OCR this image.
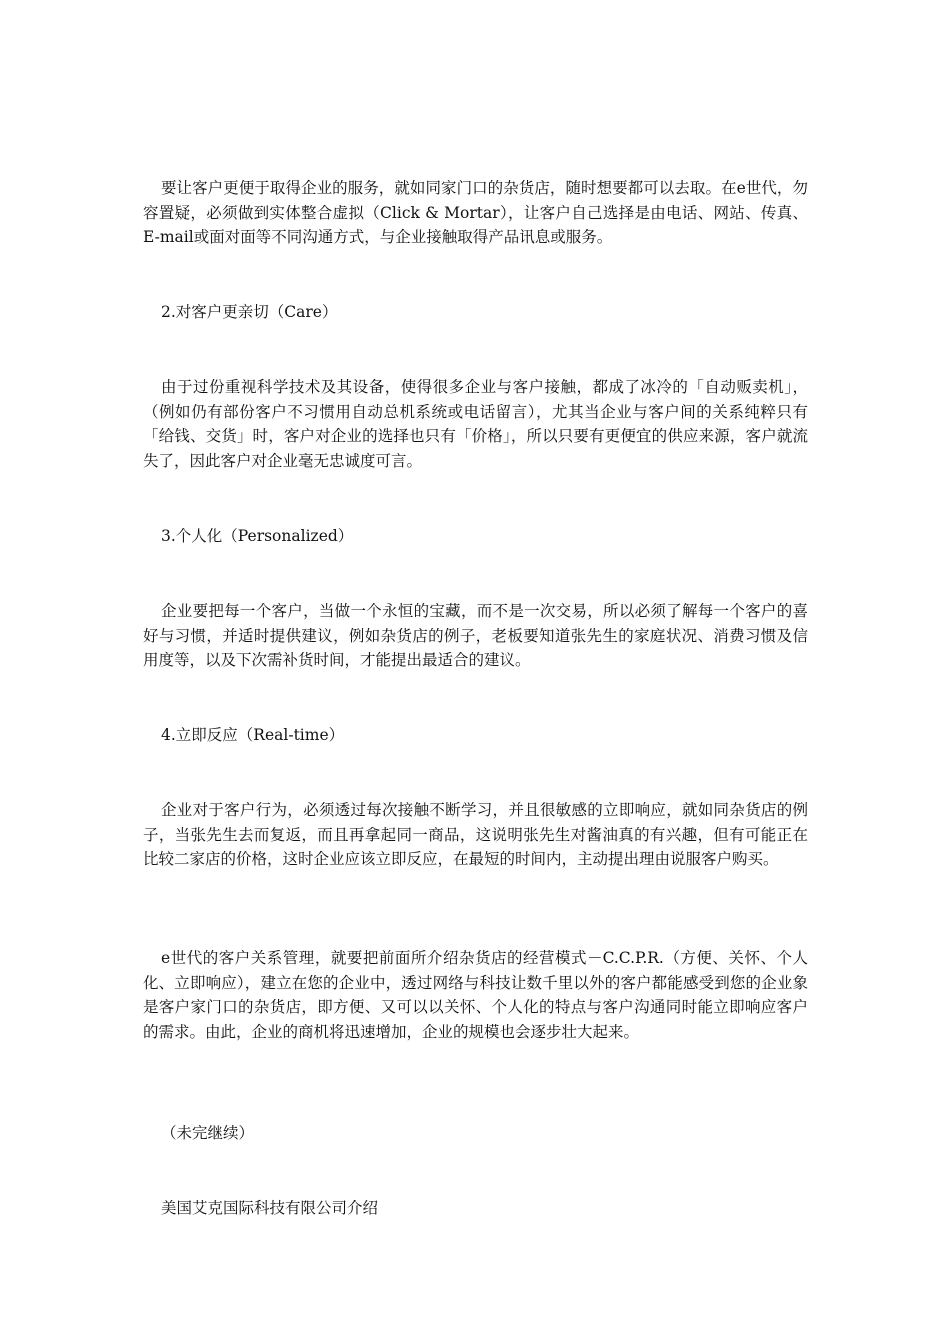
要让客户更便于取得企业的服务，就如同家门口的杂货店，随时想要都可以去取。在e世代，勿容置疑，必须做到实体整合虚拟（Click & Mortar），让客户自己选择是由电话、网站、传真、E-mail或面对面等不同沟通方式，与企业接触取得产品讯息或服务。

2.对客户更亲切（Care）

由于过份重视科学技术及其设备，使得很多企业与客户接触，都成了冰冷的「自动贩卖机」，（例如仍有部份客户不习惯用自动总机系统或电话留言），尤其当企业与客户间的关系纯粹只有「给钱、交货」时，客户对企业的选择也只有「价格」，所以只要有更便宜的供应来源，客户就流失了，因此客户对企业毫无忠诚度可言。

3.个人化（Personalized）

企业要把每一个客户，当做一个永恒的宝藏，而不是一次交易，所以必须了解每一个客户的喜好与习惯，并适时提供建议，例如杂货店的例子，老板要知道张先生的家庭状况、消费习惯及信用度等，以及下次需补货时间，才能提出最适合的建议。

4.立即反应（Real-time）

企业对于客户行为，必须透过每次接触不断学习，并且很敏感的立即响应，就如同杂货店的例子，当张先生去而复返，而且再拿起同一商品，这说明张先生对酱油真的有兴趣，但有可能正在比较二家店的价格，这时企业应该立即反应，在最短的时间内，主动提出理由说服客户购买。

e世代的客户关系管理，就要把前面所介绍杂货店的经营模式－C.C.P.R.（方便、关怀、个人化、立即响应），建立在您的企业中，透过网络与科技让数千里以外的客户都能感受到您的企业象是客户家门口的杂货店，即方便、又可以以关怀、个人化的特点与客户沟通同时能立即响应客户的需求。由此，企业的商机将迅速增加，企业的规模也会逐步壮大起来。

（未完继续）

美国艾克国际科技有限公司介绍
